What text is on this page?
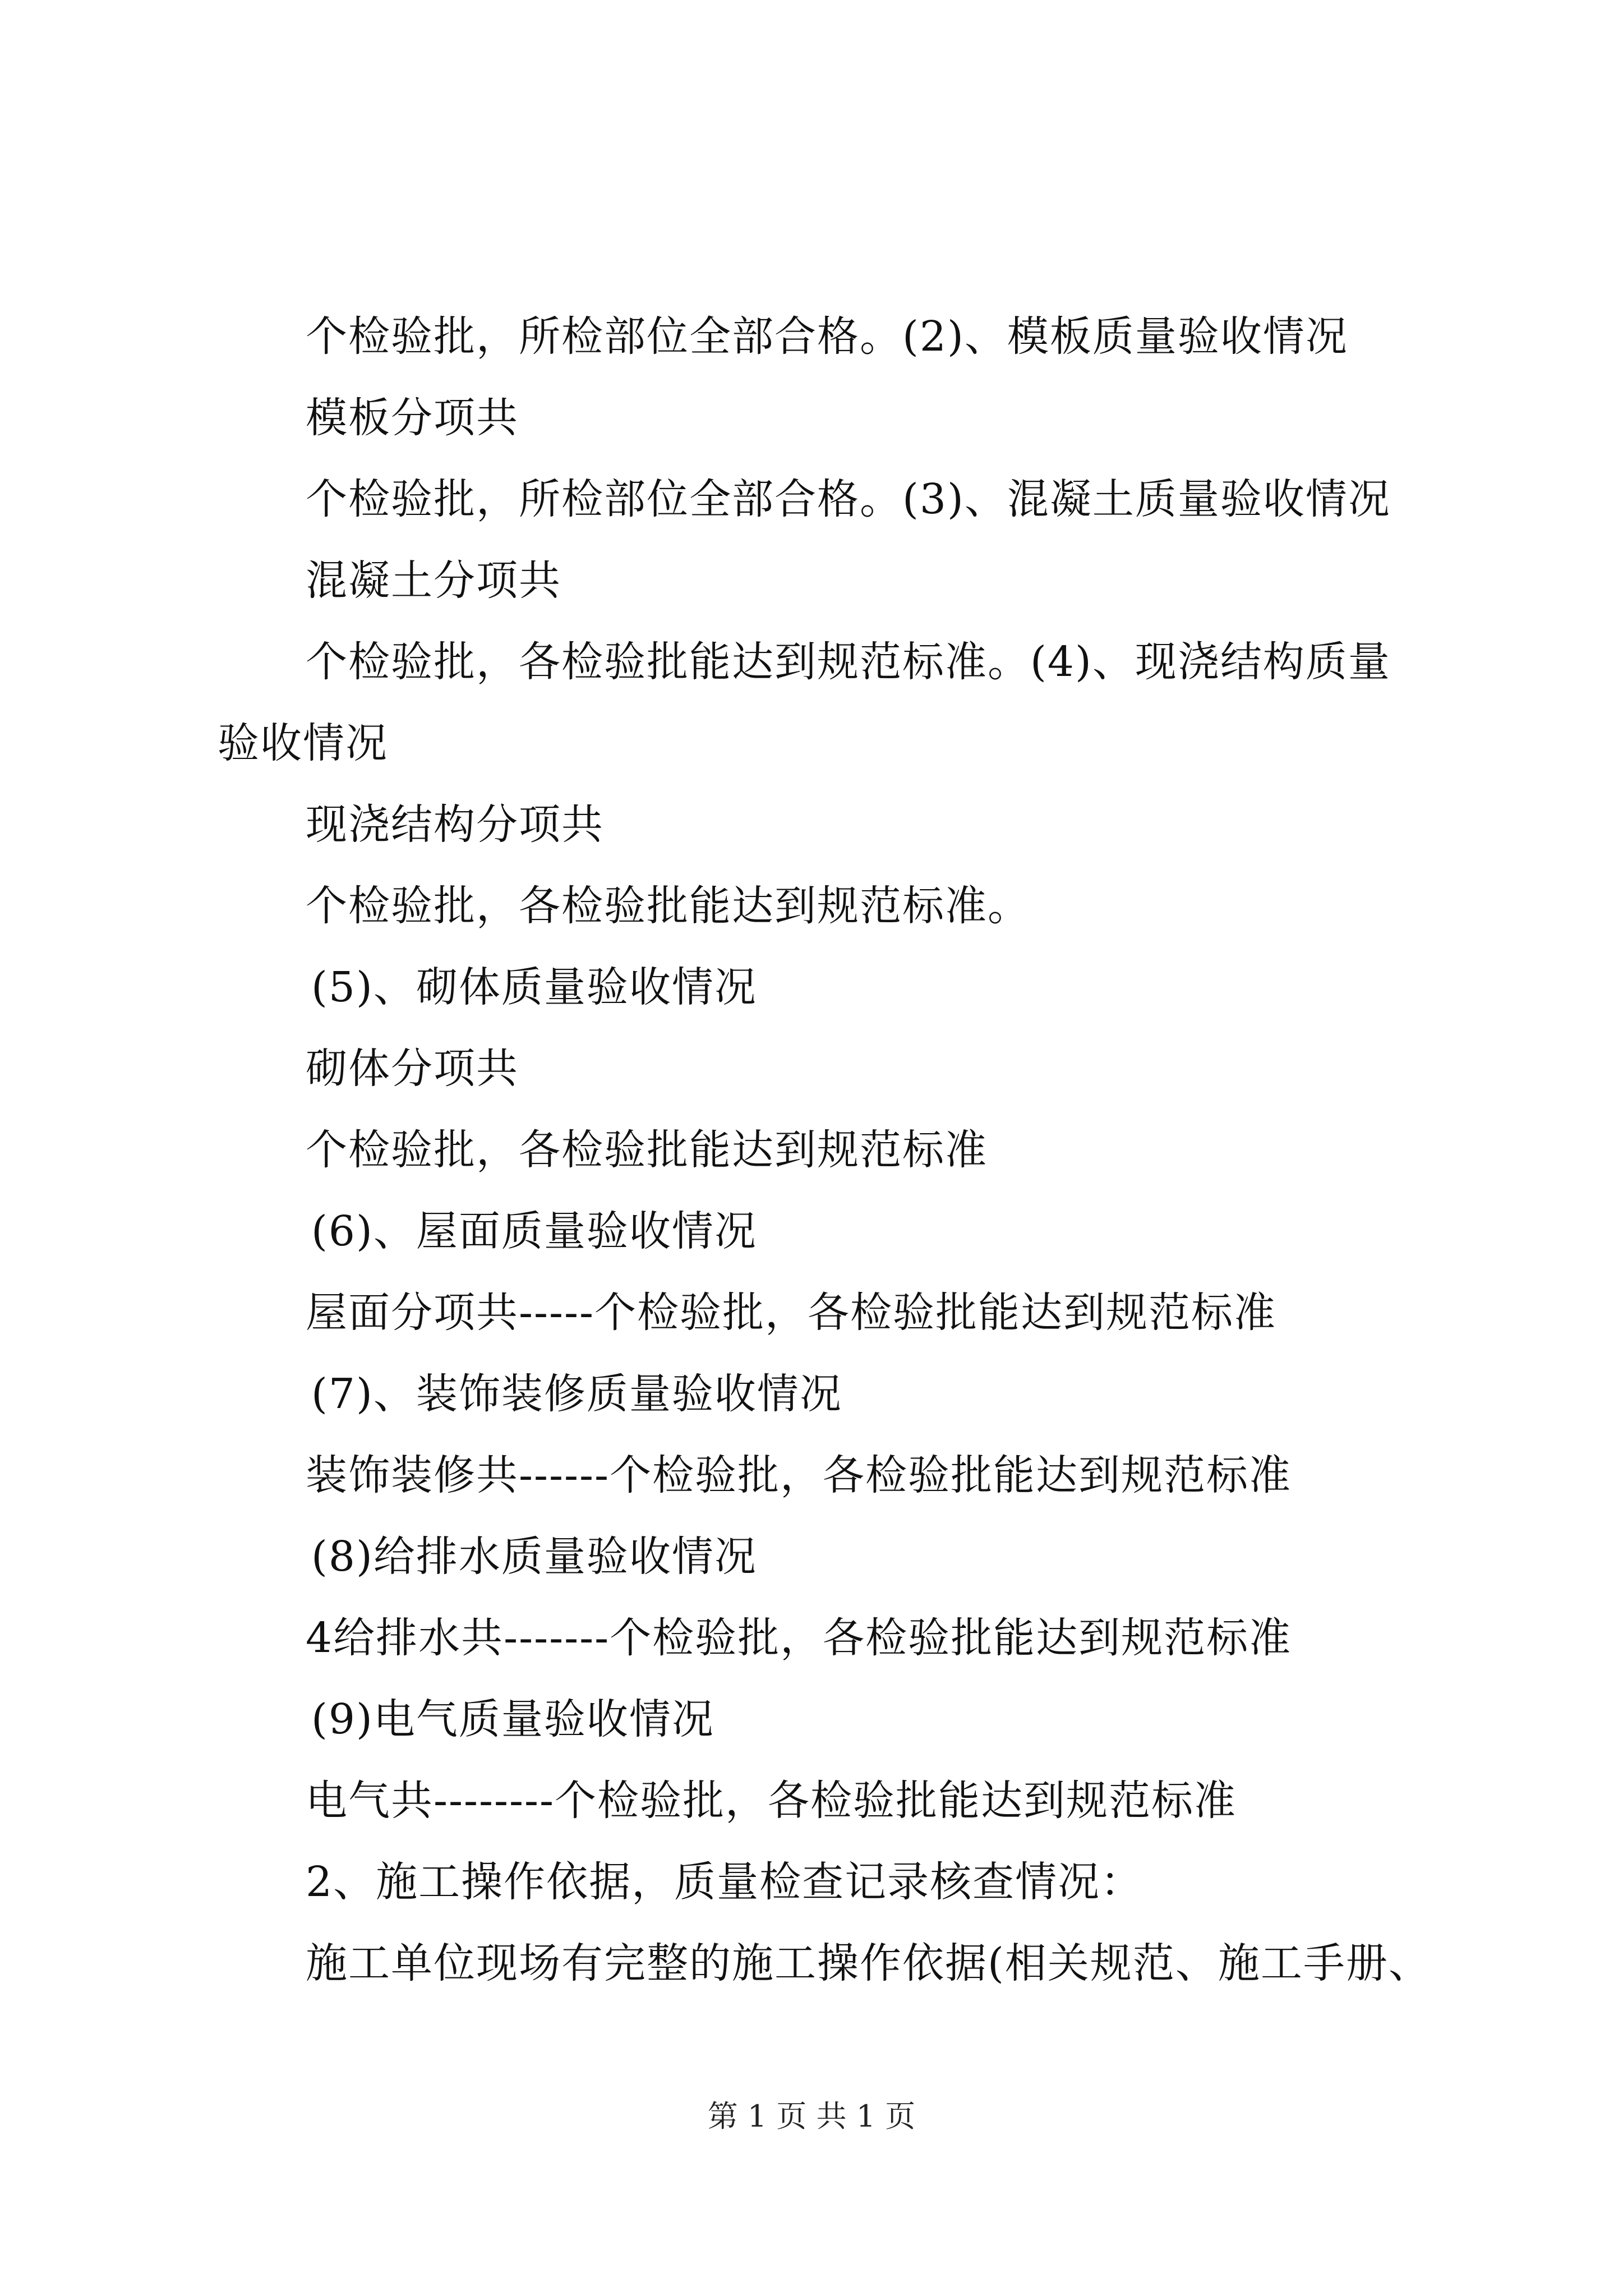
个检验批，所检部位全部合格。(2)、模板质量验收情况
模板分项共
个检验批，所检部位全部合格。(3)、混凝土质量验收情况
混凝土分项共
个检验批，各检验批能达到规范标准。(4)、现浇结构质量
验收情况
现浇结构分项共
个检验批，各检验批能达到规范标准。
(5)、砌体质量验收情况
砌体分项共
个检验批，各检验批能达到规范标准
(6)、屋面质量验收情况
屋面分项共-----个检验批，各检验批能达到规范标准
(7)、装饰装修质量验收情况
装饰装修共------个检验批，各检验批能达到规范标准
(8)给排水质量验收情况
4给排水共-------个检验批，各检验批能达到规范标准
(9)电气质量验收情况
电气共--------个检验批，各检验批能达到规范标准
2、施工操作依据，质量检查记录核查情况：
施工单位现场有完整的施工操作依据(相关规范、施工手册、
第 1 页 共 1 页
